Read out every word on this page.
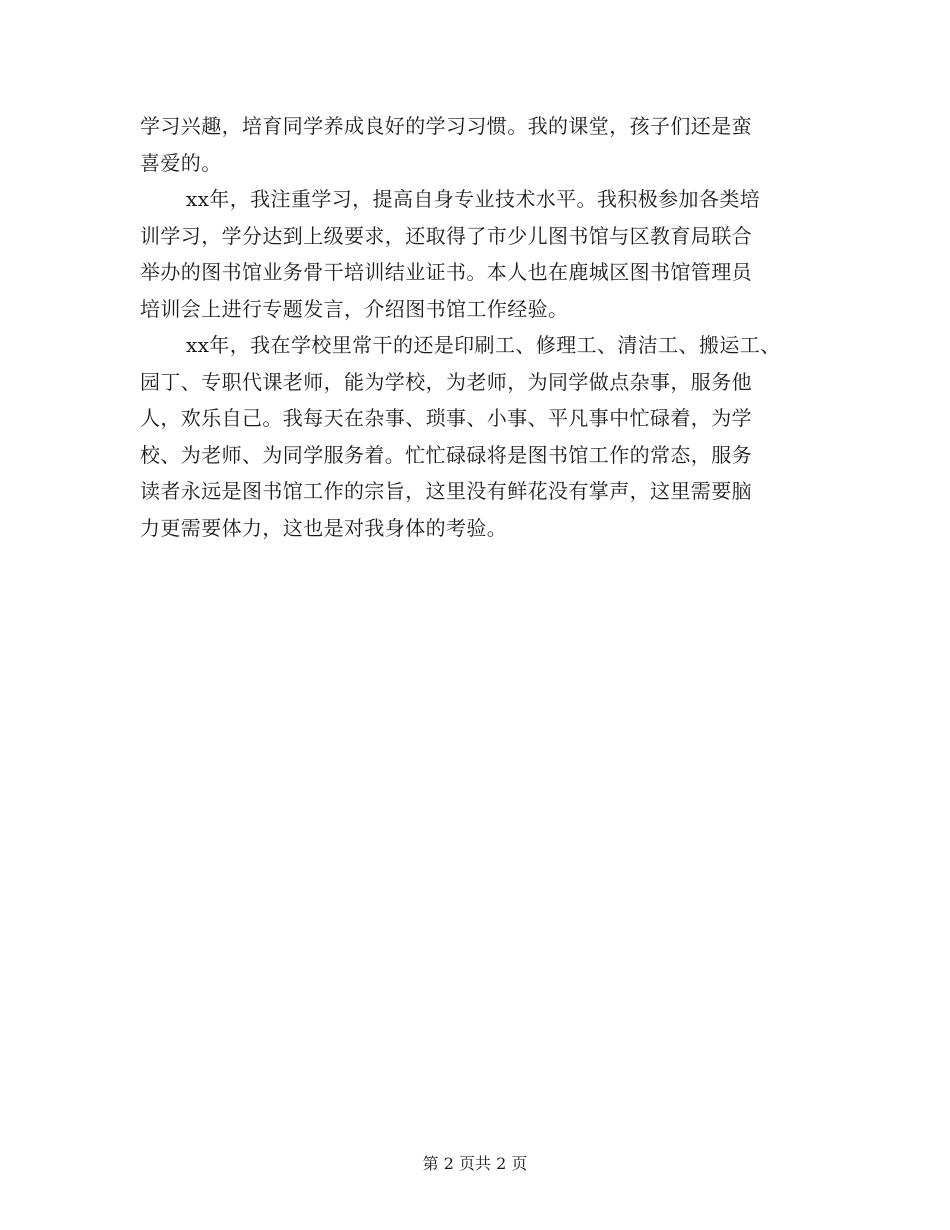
学习兴趣，培育同学养成良好的学习习惯。我的课堂，孩子们还是蛮
喜爱的。
xx年，我注重学习，提高自身专业技术水平。我积极参加各类培
训学习，学分达到上级要求，还取得了市少儿图书馆与区教育局联合
举办的图书馆业务骨干培训结业证书。本人也在鹿城区图书馆管理员
培训会上进行专题发言，介绍图书馆工作经验。
xx年，我在学校里常干的还是印刷工、修理工、清洁工、搬运工、
园丁、专职代课老师，能为学校，为老师，为同学做点杂事，服务他
人，欢乐自己。我每天在杂事、琐事、小事、平凡事中忙碌着，为学
校、为老师、为同学服务着。忙忙碌碌将是图书馆工作的常态，服务
读者永远是图书馆工作的宗旨，这里没有鲜花没有掌声，这里需要脑
力更需要体力，这也是对我身体的考验。
第 2 页共 2 页
